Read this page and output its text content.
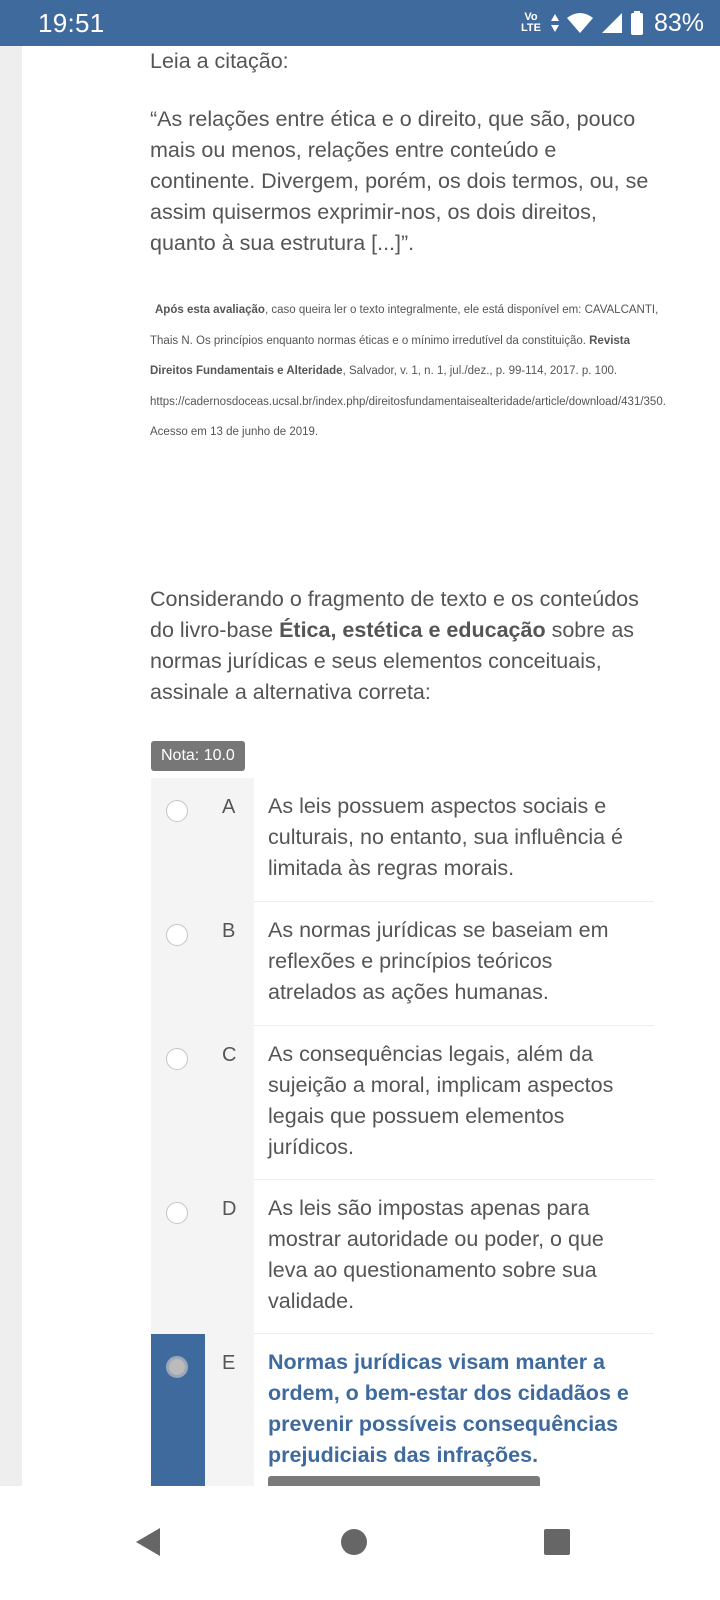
19:51	Vo LTE	83%
Leia a citação:
“As relações entre ética e o direito, que são, pouco mais ou menos, relações entre conteúdo e continente. Divergem, porém, os dois termos, ou, se assim quisermos exprimir-nos, os dois direitos, quanto à sua estrutura [...]”.
Após esta avaliação, caso queira ler o texto integralmente, ele está disponível em: CAVALCANTI, Thais N. Os princípios enquanto normas éticas e o mínimo irredutível da constituição. Revista Direitos Fundamentais e Alteridade, Salvador, v. 1, n. 1, jul./dez., p. 99-114, 2017. p. 100. https://cadernosdoceas.ucsal.br/index.php/direitosfundamentaisealteridade/article/download/431/350. Acesso em 13 de junho de 2019.
Considerando o fragmento de texto e os conteúdos do livro-base Ética, estética e educação sobre as normas jurídicas e seus elementos conceituais, assinale a alternativa correta:
Nota: 10.0
A As leis possuem aspectos sociais e culturais, no entanto, sua influência é limitada às regras morais.
B As normas jurídicas se baseiam em reflexões e princípios teóricos atrelados as ações humanas.
C As consequências legais, além da sujeição a moral, implicam aspectos legais que possuem elementos jurídicos.
D As leis são impostas apenas para mostrar autoridade ou poder, o que leva ao questionamento sobre sua validade.
E Normas jurídicas visam manter a ordem, o bem-estar dos cidadãos e prevenir possíveis consequências prejudiciais das infrações.
